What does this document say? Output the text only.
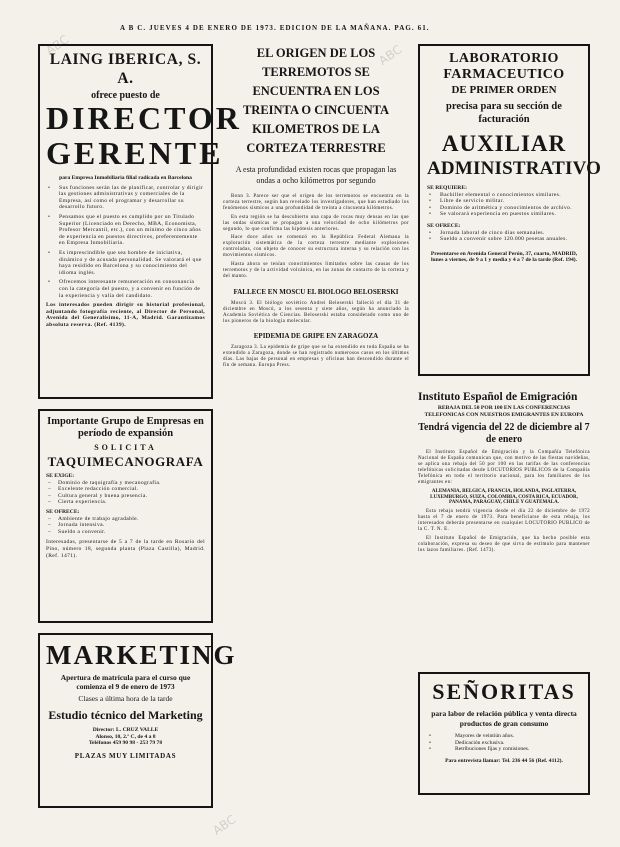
A B C. JUEVES 4 DE ENERO DE 1973. EDICION DE LA MAÑANA. PAG. 61.
LAING IBERICA, S. A.
ofrece puesto de
DIRECTOR
GERENTE
para Empresa Inmobiliaria filial radicada en Barcelona
• Sus funciones serán las de planificar, controlar y dirigir las gestiones administrativas y comerciales de la Empresa, así como el programar y desarrollar su desarrollo futuro.
• Pensamos que el puesto es cumplido por un Titulado Superior (Licenciado en Derecho, MBA, Economista, Profesor Mercantil, etc.), con un mínimo de cinco años de experiencia en puestos directivos, preferentemente en Empresa Inmobiliaria.
• Es imprescindible que sea hombre de iniciativa, dinámico y de acusada personalidad. Se valorará el que haya residido en Barcelona y su conocimiento del idioma inglés.
• Ofrecemos interesante remuneración en consonancia con la categoría del puesto, y a convenir en función de la experiencia y valía del candidato.
Los interesados pueden dirigir su historial profesional, adjuntando fotografía reciente, al Director de Personal, Avenida del Generalísimo, 11-A, Madrid. Garantizamos absoluta reserva. (Ref. 4139).
Importante Grupo de Empresas en período de expansión
SOLICITA
TAQUIMECANOGRAFA
SE EXIGE:
– Dominio de taquigrafía y mecanografía.
– Excelente redacción comercial.
– Cultura general y buena presencia.
– Cierta experiencia.
SE OFRECE:
– Ambiente de trabajo agradable.
– Jornada intensiva.
– Sueldo a convenir.
Interesadas, presentarse de 5 a 7 de la tarde en Rosario del Pino, número 18, segunda planta (Plaza Castilla), Madrid. (Ref. 1471).
MARKETING
Apertura de matrícula para el curso que comienza el 9 de enero de 1973
Clases a última hora de la tarde
Estudio técnico del Marketing
Director: L. CRUZ VALLE
Alonso, 10, 2.º C, de 4 a 8
Teléfonos 459 90 98 - 253 79 78
PLAZAS MUY LIMITADAS
EL ORIGEN DE LOS TERREMOTOS SE ENCUENTRA EN LOS TREINTA O CINCUENTA KILOMETROS DE LA CORTEZA TERRESTRE
A esta profundidad existen rocas que propagan las ondas a ocho kilómetros por segundo

Bonn 3. Parece ser que el origen de los terremotos se encuentra en la corteza terrestre, según han revelado los investigadores, que han estudiado los fenómenos sísmicos a una profundidad de treinta a cincuenta kilómetros.

En esta región se ha descubierto una capa de rocas muy densas en las que las ondas sísmicas se propagan a una velocidad de ocho kilómetros por segundo, lo que confirma las hipótesis anteriores.

Hace doce años se comenzó en la República Federal Alemana la exploración sistemática de la corteza terrestre mediante explosiones controladas, con objeto de conocer su estructura interna y su relación con los movimientos sísmicos.

Hasta ahora se tenían conocimientos limitados sobre las causas de los terremotos y de la actividad volcánica, en las zonas de contacto de la corteza y del manto.

FALLECE EN MOSCU EL BIOLOGO BELOSERSKI

Moscú 3. El biólogo soviético Andrei Beloserski falleció el día 31 de diciembre en Moscú, a los sesenta y siete años, según ha anunciado la Academia Soviética de Ciencias. Beloserski estaba considerado como uno de los pioneros de la biología molecular.

EPIDEMIA DE GRIPE EN ZARAGOZA

Zaragoza 3. La epidemia de gripe que se ha extendido en toda España se ha extendido a Zaragoza, donde se han registrado numerosos casos en los últimos días. Las bajas de personal en empresas y oficinas han descendido durante el fin de semana. Europa Press.

LABORATORIO
FARMACEUTICO
DE PRIMER ORDEN
precisa para su sección de facturación
AUXILIAR
ADMINISTRATIVO
SE REQUIERE:
• Bachiller elemental o conocimientos similares.
• Libre de servicio militar.
• Dominio de aritmética y conocimientos de archivo.
• Se valorará experiencia en puestos similares.
SE OFRECE:
• Jornada laboral de cinco días semanales.
• Sueldo a convenir sobre 120.000 pesetas anuales.
Presentarse en Avenida General Perón, 37, cuarto, MADRID, lunes a viernes, de 9 a 1 y media y 4 a 7 de la tarde (Ref. 194).
Instituto Español de Emigración
REBAJA DEL 50 POR 100 EN LAS CONFERENCIAS TELEFONICAS CON NUESTROS EMIGRANTES EN EUROPA
Tendrá vigencia del 22 de diciembre al 7 de enero

El Instituto Español de Emigración y la Compañía Telefónica Nacional de España comunican que, con motivo de las fiestas navideñas, se aplica una rebaja del 50 por 100 en las tarifas de las conferencias telefónicas solicitadas desde LOCUTORIOS PUBLICOS de la Compañía Telefónica en todo el territorio nacional, para los familiares de los emigrantes en:

ALEMANIA, BELGICA, FRANCIA, HOLANDA, INGLATERRA, LUXEMBURGO, SUIZA, COLOMBIA, COSTA RICA, ECUADOR, PANAMA, PARAGUAY, CHILE Y GUATEMALA.

Esta rebaja tendrá vigencia desde el día 22 de diciembre de 1972 hasta el 7 de enero de 1973. Para beneficiarse de esta rebaja, los interesados deberán presentarse en cualquier LOCUTORIO PUBLICO de la C. T. N. E.

El Instituto Español de Emigración, que ha hecho posible esta colaboración, expresa su deseo de que sirva de estímulo para mantener los lazos familiares. (Ref. 1473).

SEÑORITAS
para labor de relación pública y venta directa productos de gran consumo
• Mayores de veintiún años.
• Dedicación exclusiva.
• Retribuciones fijas y comisiones.
Para entrevista llamar: Tel. 236 44 56 (Ref. 4112).
ABC	ABC
ABC
